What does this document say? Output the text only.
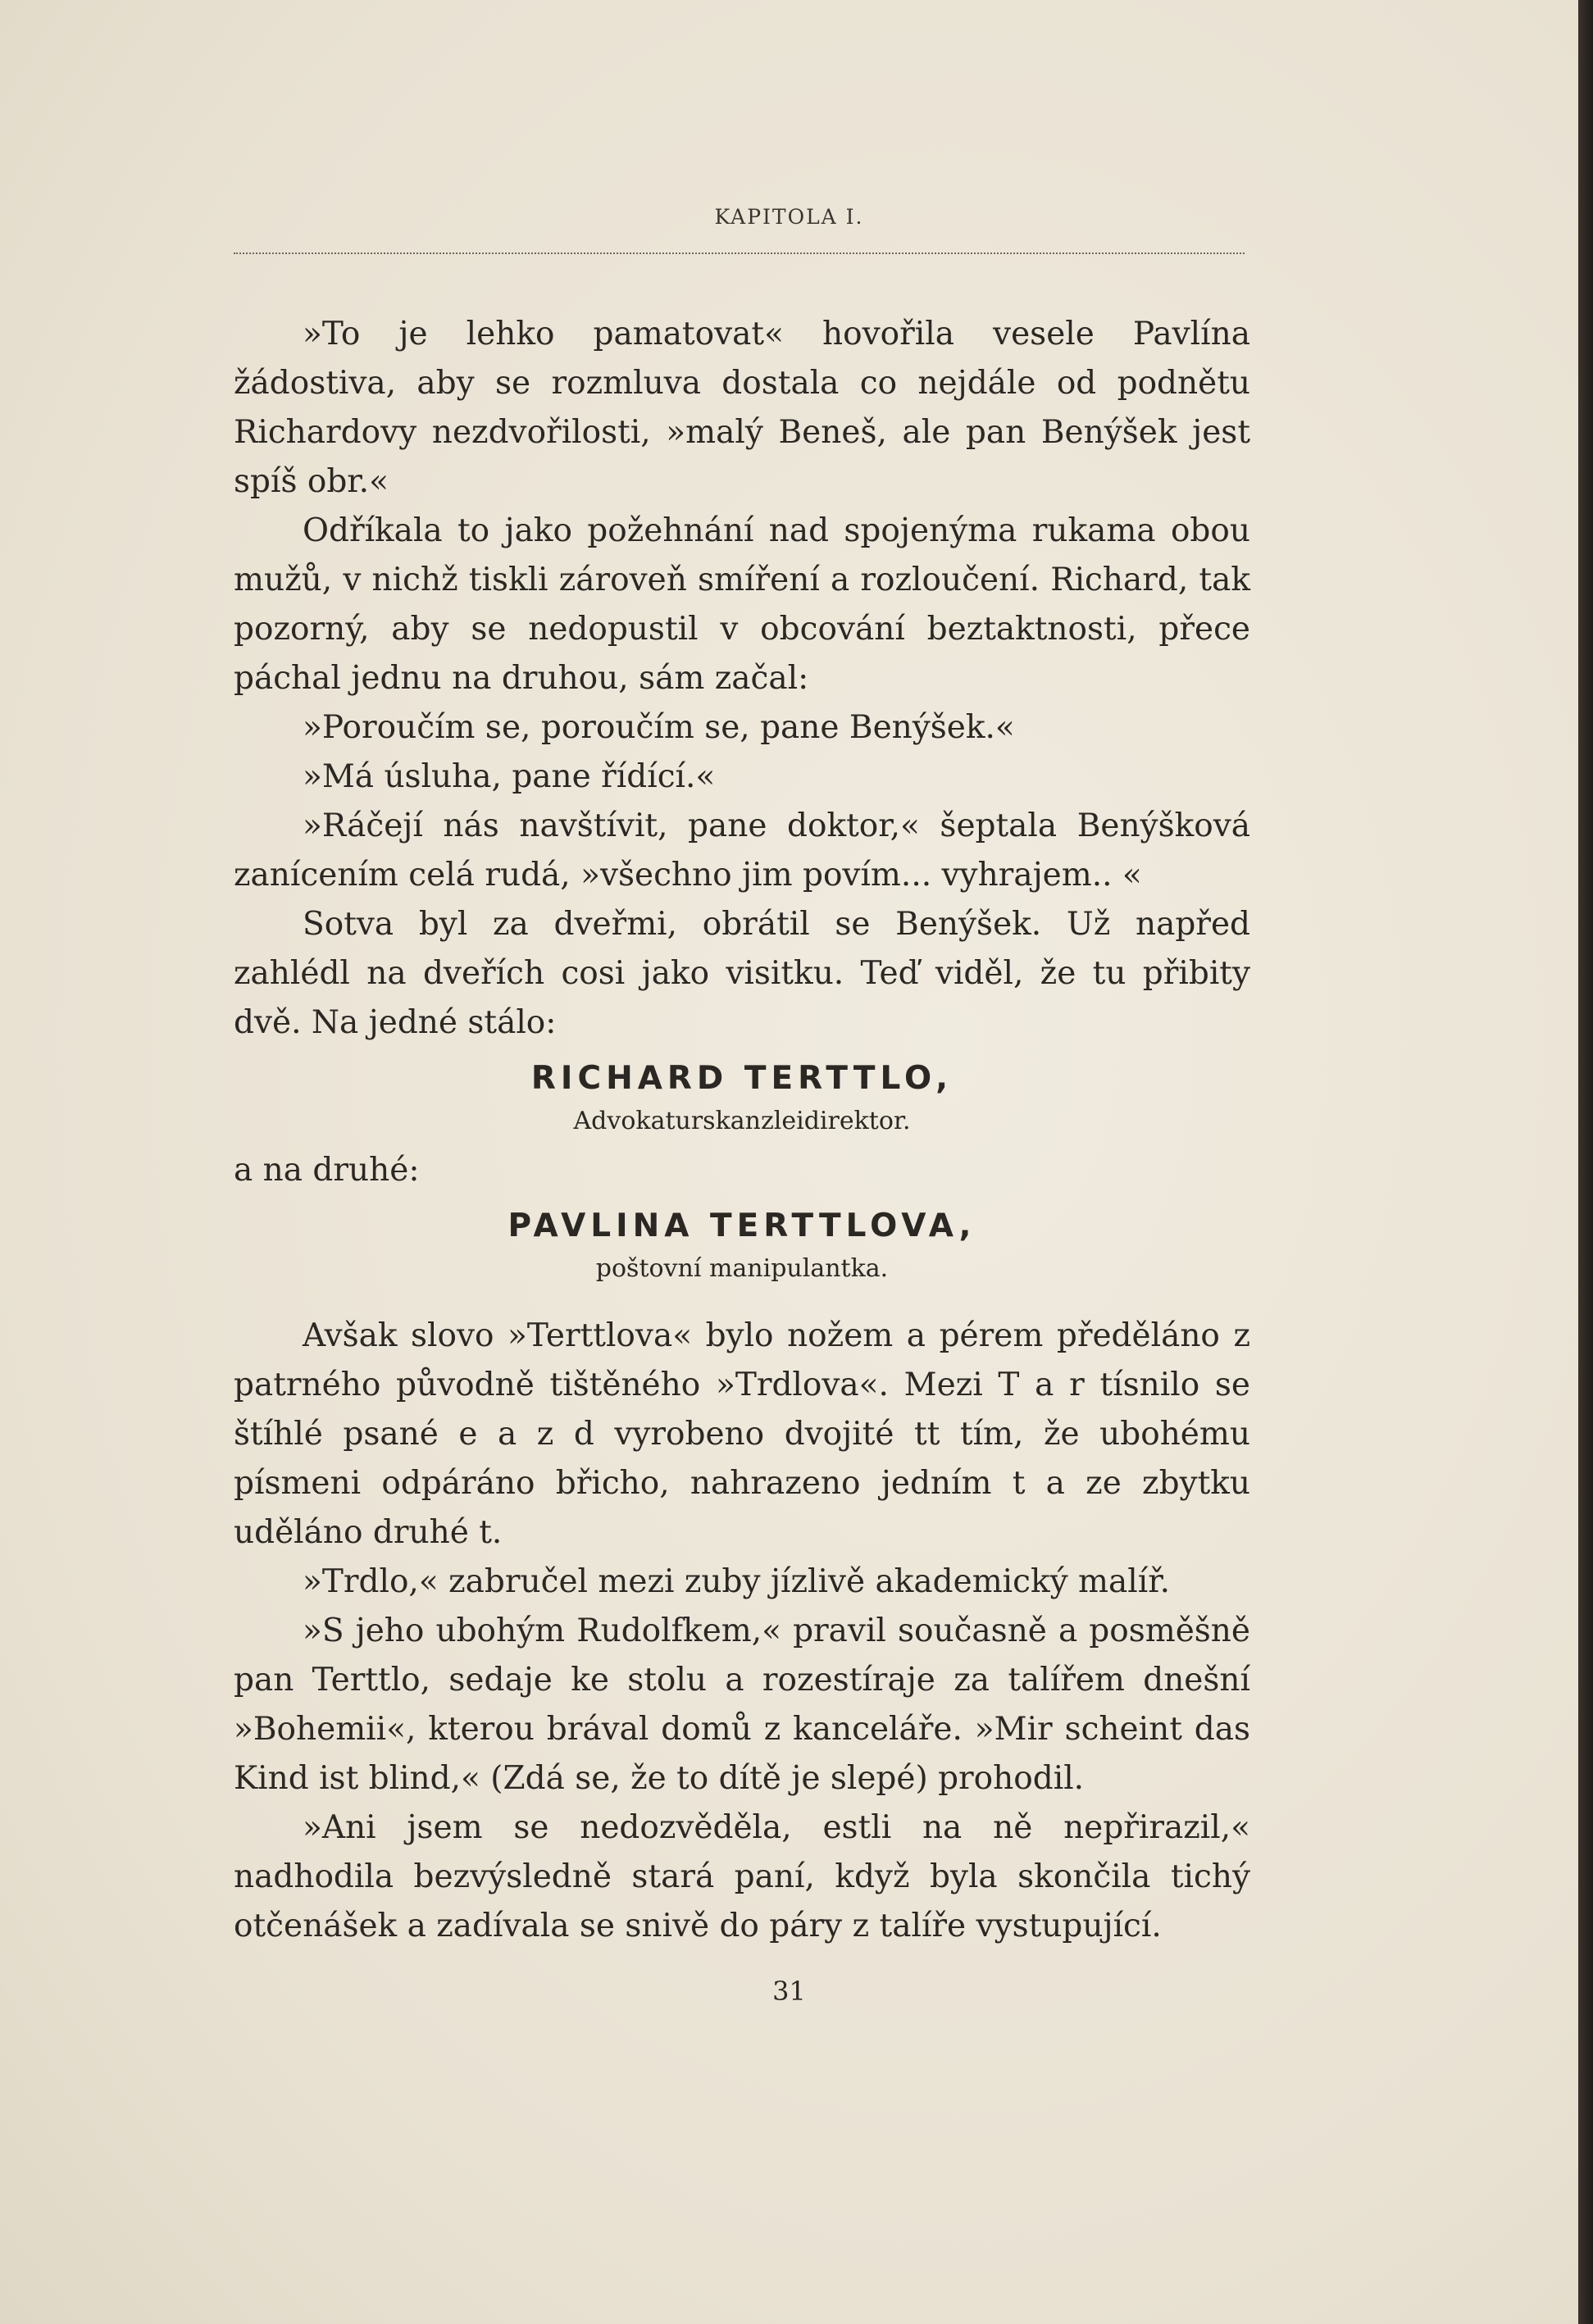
KAPITOLA I.

»To je lehko pamatovat« hovořila vesele Pavlína žádostiva, aby se rozmluva dostala co nejdále od podnětu Richardovy nezdvořilosti, »malý Beneš, ale pan Benýšek jest spíš obr.«

Odříkala to jako požehnání nad spojenýma rukama obou mužů, v nichž tiskli zároveň smíření a rozloučení. Richard, tak pozorný, aby se nedopustil v obcování beztaktnosti, přece páchal jednu na druhou, sám začal:

»Poroučím se, poroučím se, pane Benýšek.«

»Má úsluha, pane řídící.«

»Ráčejí nás navštívit, pane doktor,« šeptala Benýšková zanícením celá rudá, »všechno jim povím... vyhrajem.. «

Sotva byl za dveřmi, obrátil se Benýšek. Už napřed zahlédl na dveřích cosi jako visitku. Teď viděl, že tu přibity dvě. Na jedné stálo:

RICHARD TERTTLO,

Advokaturskanzleidirektor.

a na druhé:

PAVLINA TERTTLOVA,

poštovní manipulantka.

Avšak slovo »Terttlova« bylo nožem a pérem předěláno z patrného původně tištěného »Trdlova«. Mezi T a r tísnilo se štíhlé psané e a z d vyrobeno dvojité tt tím, že ubohému písmeni odpáráno břicho, nahrazeno jedním t a ze zbytku uděláno druhé t.

»Trdlo,« zabručel mezi zuby jízlivě akademický malíř.

»S jeho ubohým Rudolfkem,« pravil současně a posměšně pan Terttlo, sedaje ke stolu a rozestíraje za talířem dnešní »Bohemii«, kterou brával domů z kanceláře. »Mir scheint das Kind ist blind,« (Zdá se, že to dítě je slepé) prohodil.

»Ani jsem se nedozvěděla, estli na ně nepřirazil,« nadhodila bezvýsledně stará paní, když byla skončila tichý otčenášek a zadívala se snivě do páry z talíře vystupující.

31
